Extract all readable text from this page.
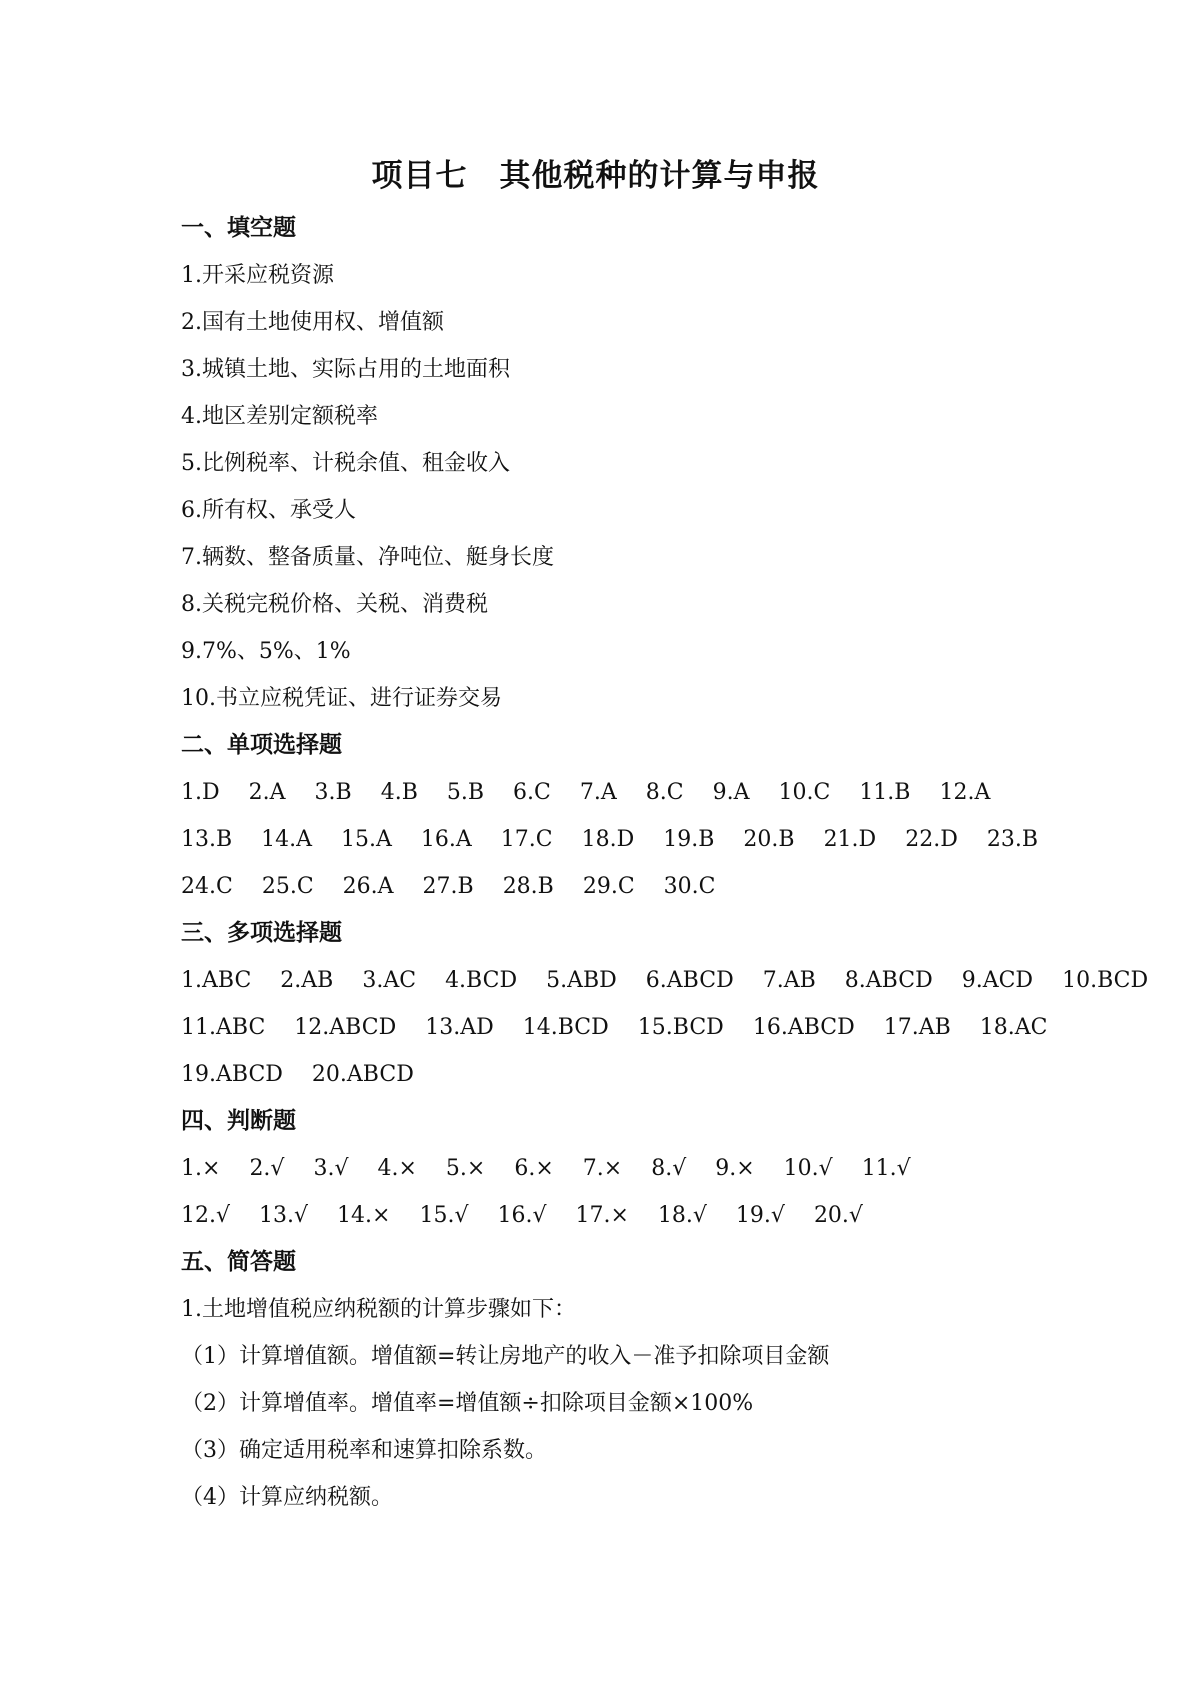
项目七　其他税种的计算与申报
一、填空题
1.开采应税资源
2.国有土地使用权、增值额
3.城镇土地、实际占用的土地面积
4.地区差别定额税率
5.比例税率、计税余值、租金收入
6.所有权、承受人
7.辆数、整备质量、净吨位、艇身长度
8.关税完税价格、关税、消费税
9.7%、5%、1%
10.书立应税凭证、进行证券交易
二、单项选择题
1.D 2.A 3.B 4.B 5.B 6.C 7.A 8.C 9.A 10.C 11.B 12.A
13.B 14.A 15.A 16.A 17.C 18.D 19.B 20.B 21.D 22.D 23.B
24.C 25.C 26.A 27.B 28.B 29.C 30.C
三、多项选择题
1.ABC 2.AB 3.AC 4.BCD 5.ABD 6.ABCD 7.AB 8.ABCD 9.ACD 10.BCD
11.ABC 12.ABCD 13.AD 14.BCD 15.BCD 16.ABCD 17.AB 18.AC
19.ABCD 20.ABCD
四、判断题
1.× 2.√ 3.√ 4.× 5.× 6.× 7.× 8.√ 9.× 10.√ 11.√
12.√ 13.√ 14.× 15.√ 16.√ 17.× 18.√ 19.√ 20.√
五、简答题
1.土地增值税应纳税额的计算步骤如下：
（1）计算增值额。增值额=转让房地产的收入－准予扣除项目金额
（2）计算增值率。增值率=增值额÷扣除项目金额×100%
（3）确定适用税率和速算扣除系数。
（4）计算应纳税额。
